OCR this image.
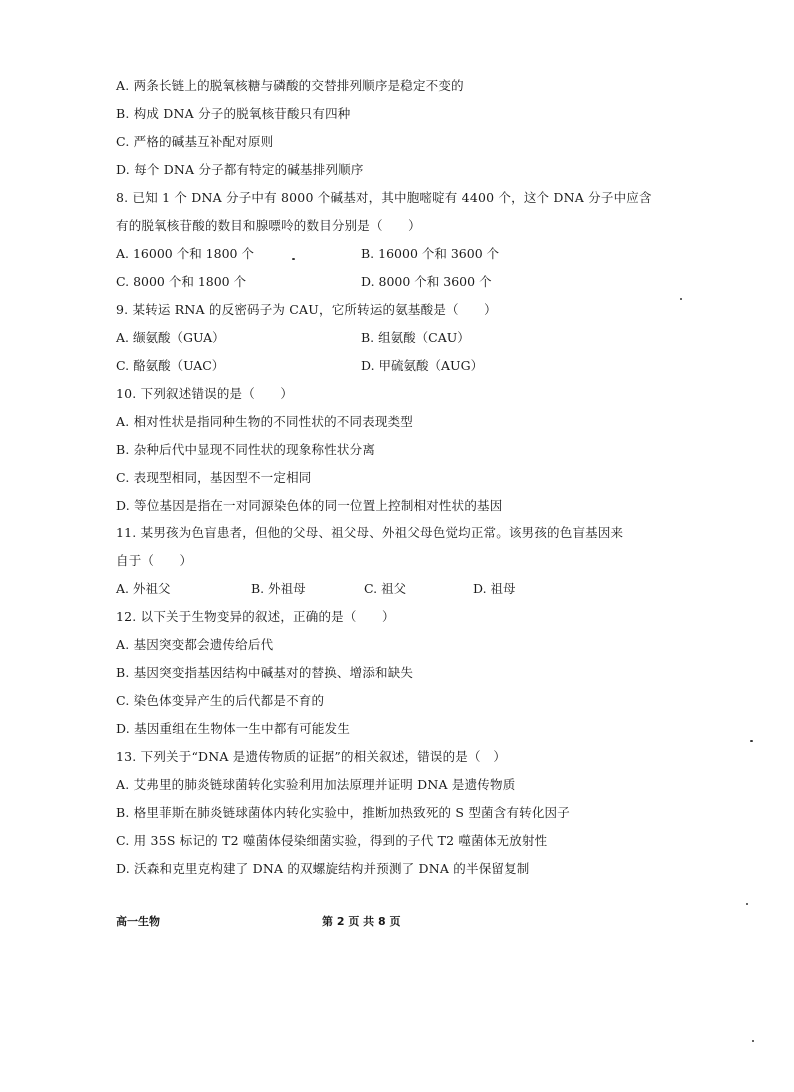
A. 两条长链上的脱氧核糖与磷酸的交替排列顺序是稳定不变的
B. 构成 DNA 分子的脱氧核苷酸只有四种
C. 严格的碱基互补配对原则
D. 每个 DNA 分子都有特定的碱基排列顺序
8. 已知 1 个 DNA 分子中有 8000 个碱基对，其中胞嘧啶有 4400 个，这个 DNA 分子中应含
有的脱氧核苷酸的数目和腺嘌呤的数目分别是（　　）
A. 16000 个和 1800 个	B. 16000 个和 3600 个
C. 8000 个和 1800 个	D. 8000 个和 3600 个
9. 某转运 RNA 的反密码子为 CAU，它所转运的氨基酸是（　　）
A. 缬氨酸（GUA）	B. 组氨酸（CAU）
C. 酪氨酸（UAC）	D. 甲硫氨酸（AUG）
10. 下列叙述错误的是（　　）
A. 相对性状是指同种生物的不同性状的不同表现类型
B. 杂种后代中显现不同性状的现象称性状分离
C. 表现型相同，基因型不一定相同
D. 等位基因是指在一对同源染色体的同一位置上控制相对性状的基因
11. 某男孩为色盲患者，但他的父母、祖父母、外祖父母色觉均正常。该男孩的色盲基因来
自于（　　）
A. 外祖父	B. 外祖母	C. 祖父	D. 祖母
12. 以下关于生物变异的叙述，正确的是（　　）
A. 基因突变都会遗传给后代
B. 基因突变指基因结构中碱基对的替换、增添和缺失
C. 染色体变异产生的后代都是不育的
D. 基因重组在生物体一生中都有可能发生
13. 下列关于“DNA 是遗传物质的证据”的相关叙述，错误的是（　）
A. 艾弗里的肺炎链球菌转化实验利用加法原理并证明 DNA 是遗传物质
B. 格里菲斯在肺炎链球菌体内转化实验中，推断加热致死的 S 型菌含有转化因子
C. 用 35S 标记的 T2 噬菌体侵染细菌实验，得到的子代 T2 噬菌体无放射性
D. 沃森和克里克构建了 DNA 的双螺旋结构并预测了 DNA 的半保留复制
高一生物	第 2 页 共 8 页
